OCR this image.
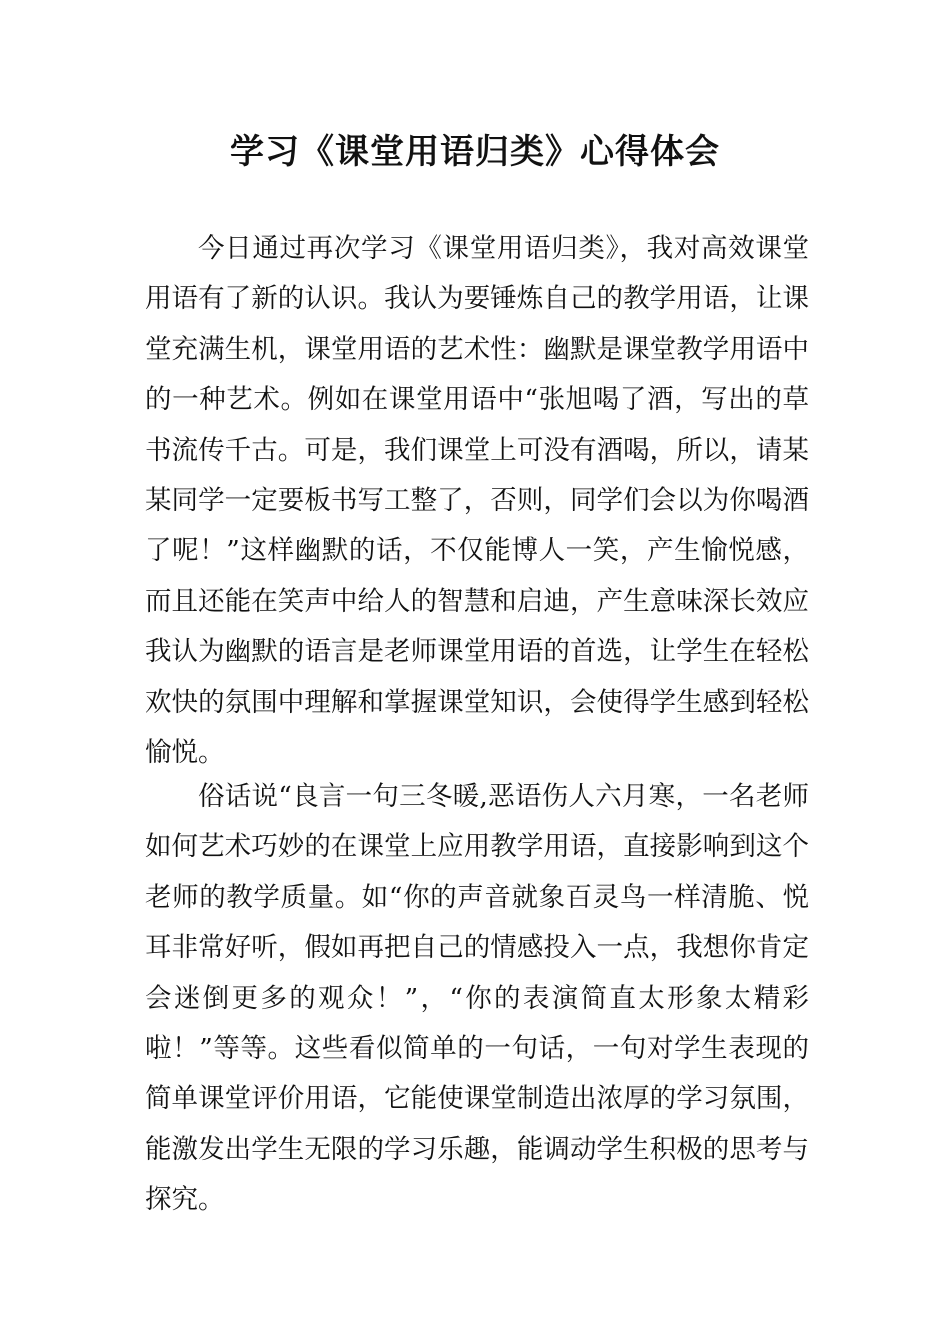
学习《课堂用语归类》心得体会

今日通过再次学习《课堂用语归类》，我对高效课堂用语有了新的认识。我认为要锤炼自己的教学用语，让课堂充满生机，课堂用语的艺术性：幽默是课堂教学用语中的一种艺术。例如在课堂用语中“张旭喝了酒，写出的草书流传千古。可是，我们课堂上可没有酒喝，所以，请某某同学一定要板书写工整了，否则，同学们会以为你喝酒了呢！”这样幽默的话，不仅能博人一笑，产生愉悦感，而且还能在笑声中给人的智慧和启迪，产生意味深长效应我认为幽默的语言是老师课堂用语的首选，让学生在轻松欢快的氛围中理解和掌握课堂知识，会使得学生感到轻松愉悦。

俗话说“良言一句三冬暖,恶语伤人六月寒，一名老师如何艺术巧妙的在课堂上应用教学用语，直接影响到这个老师的教学质量。如“你的声音就象百灵鸟一样清脆、悦耳非常好听，假如再把自己的情感投入一点，我想你肯定会迷倒更多的观众！”，“你的表演简直太形象太精彩啦！”等等。这些看似简单的一句话，一句对学生表现的简单课堂评价用语，它能使课堂制造出浓厚的学习氛围，能激发出学生无限的学习乐趣，能调动学生积极的思考与探究。
